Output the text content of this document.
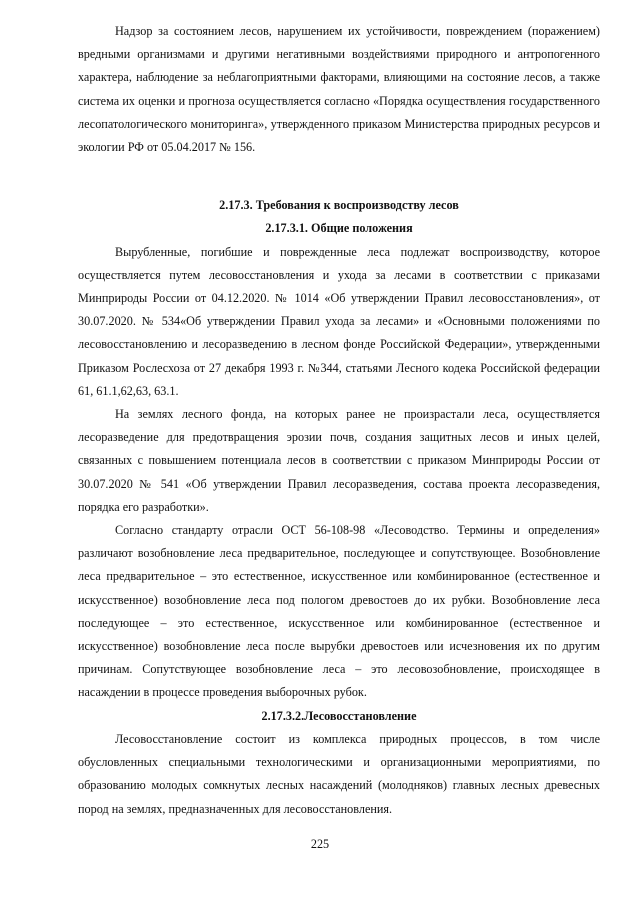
Надзор за состоянием лесов, нарушением их устойчивости, повреждением (поражением) вредными организмами и другими негативными воздействиями природного и антропогенного характера, наблюдение за неблагоприятными факторами, влияющими на состояние лесов, а также система их оценки и прогноза осуществляется согласно «Порядка осуществления государственного лесопатологического мониторинга», утвержденного приказом Министерства природных ресурсов и экологии РФ от 05.04.2017 № 156.

2.17.3. Требования к воспроизводству лесов

2.17.3.1. Общие положения

Вырубленные, погибшие и поврежденные леса подлежат воспроизводству, которое осуществляется путем лесовосстановления и ухода за лесами в соответствии с приказами Минприроды России от 04.12.2020. № 1014 «Об утверждении Правил лесовосстановления», от 30.07.2020. № 534«Об утверждении Правил ухода за лесами» и «Основными положениями по лесовосстановлению и лесоразведению в лесном фонде Российской Федерации», утвержденными Приказом Рослесхоза от 27 декабря 1993 г. №344, статьями Лесного кодека Российской федерации 61, 61.1,62,63, 63.1.

На землях лесного фонда, на которых ранее не произрастали леса, осуществляется лесоразведение для предотвращения эрозии почв, создания защитных лесов и иных целей, связанных с повышением потенциала лесов в соответствии с приказом Минприроды России от 30.07.2020 № 541 «Об утверждении Правил лесоразведения, состава проекта лесоразведения, порядка его разработки».

Согласно стандарту отрасли ОСТ 56-108-98 «Лесоводство. Термины и определения» различают возобновление леса предварительное, последующее и сопутствующее. Возобновление леса предварительное – это естественное, искусственное или комбинированное (естественное и искусственное) возобновление леса под пологом древостоев до их рубки. Возобновление леса последующее – это естественное, искусственное или комбинированное (естественное и искусственное) возобновление леса после вырубки древостоев или исчезновения их по другим причинам. Сопутствующее возобновление леса – это лесовозобновление, происходящее в насаждении в процессе проведения выборочных рубок.

2.17.3.2.Лесовосстановление

Лесовосстановление состоит из комплекса природных процессов, в том числе обусловленных специальными технологическими и организационными мероприятиями, по образованию молодых сомкнутых лесных насаждений (молодняков) главных лесных древесных пород на землях, предназначенных для лесовосстановления.

225
